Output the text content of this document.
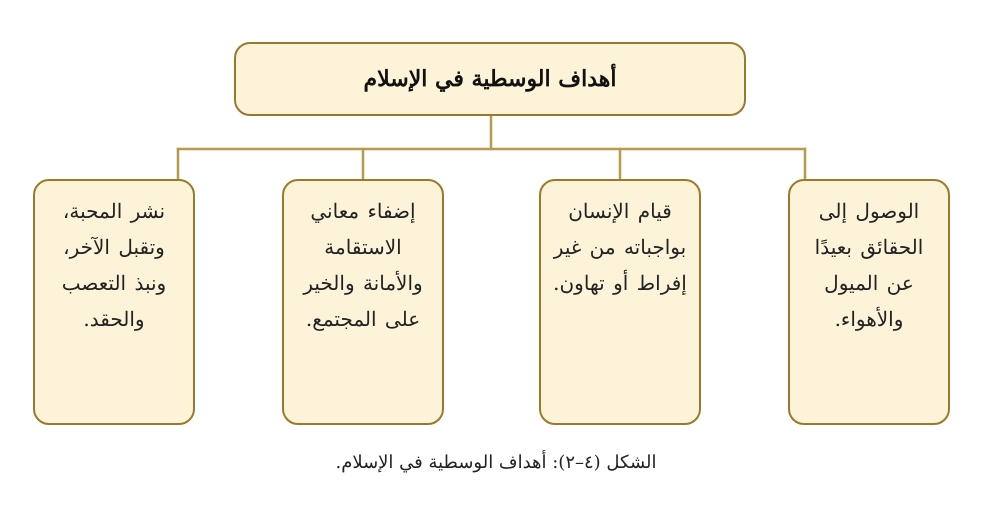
أهداف الوسطية في الإسلام
الوصول إلى الحقائق بعيدًا عن الميول والأهواء.
قيام الإنسان بواجباته من غير إفراط أو تهاون.
إضفاء معاني الاستقامة والأمانة والخير على المجتمع.
نشر المحبة، وتقبل الآخر، ونبذ التعصب والحقد.
الشكل (٤–٢): أهداف الوسطية في الإسلام.
